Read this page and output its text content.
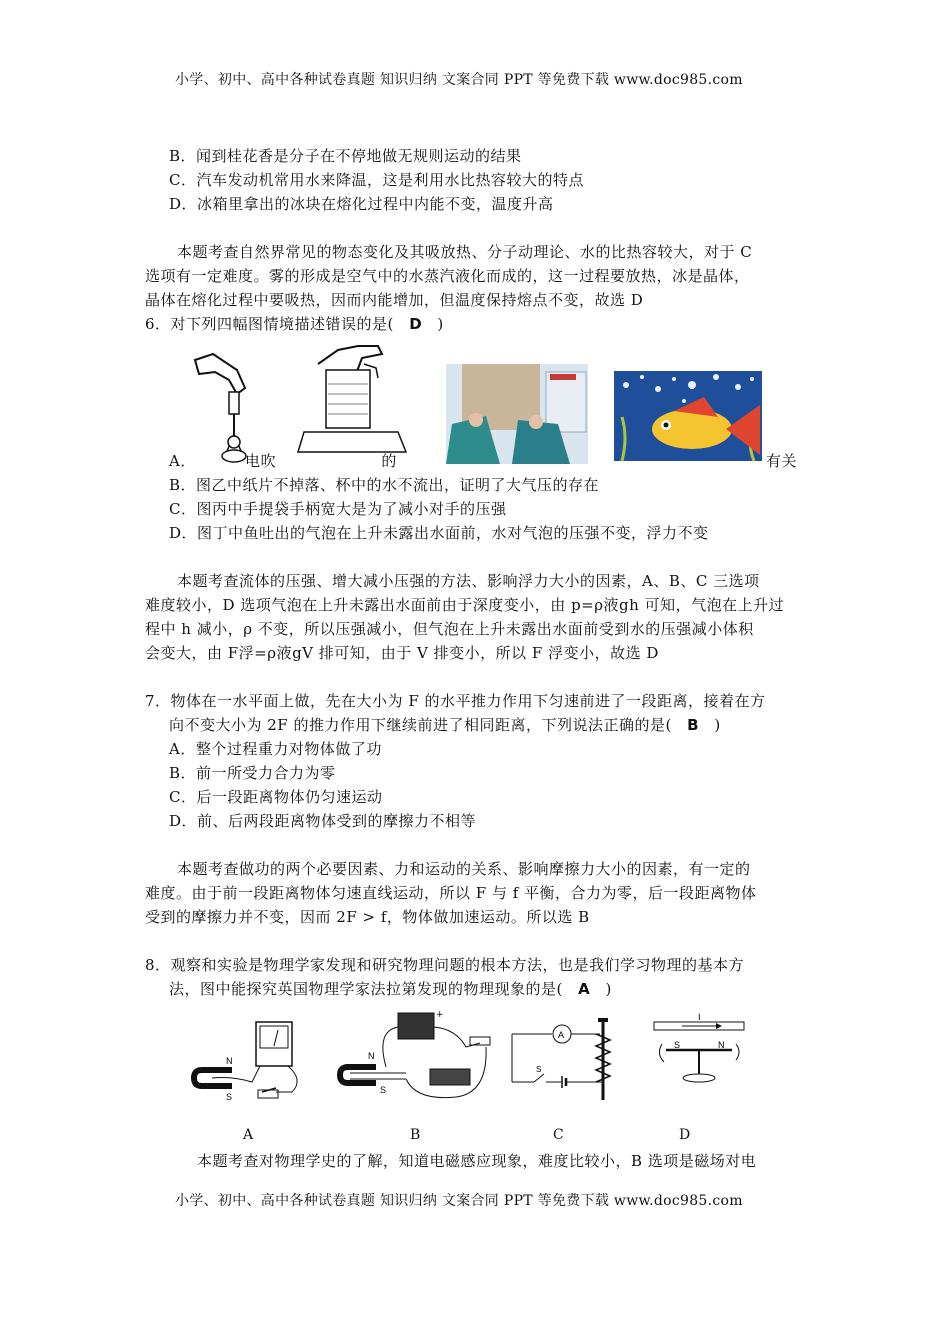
小学、初中、高中各种试卷真题 知识归纳 文案合同 PPT 等免费下载 www.doc985.com
B．闻到桂花香是分子在不停地做无规则运动的结果
C．汽车发动机常用水来降温，这是利用水比热容较大的特点
D．冰箱里拿出的冰块在熔化过程中内能不变，温度升高
本题考查自然界常见的物态变化及其吸放热、分子动理论、水的比热容较大，对于 C
选项有一定难度。雾的形成是空气中的水蒸汽液化而成的，这一过程要放热，冰是晶体，
晶体在熔化过程中要吸热，因而内能增加，但温度保持熔点不变，故选 D
6．对下列四幅图情境描述错误的是( D )
A．	电吹	的	有关
B．图乙中纸片不掉落、杯中的水不流出，证明了大气压的存在
C．图丙中手提袋手柄宽大是为了减小对手的压强
D．图丁中鱼吐出的气泡在上升未露出水面前，水对气泡的压强不变，浮力不变
本题考查流体的压强、增大减小压强的方法、影响浮力大小的因素，A、B、C 三选项
难度较小，D 选项气泡在上升未露出水面前由于深度变小，由 p=ρ液gh 可知，气泡在上升过
程中 h 减小，ρ 不变，所以压强减小，但气泡在上升未露出水面前受到水的压强减小体积
会变大，由 F浮=ρ液gV 排可知，由于 V 排变小，所以 F 浮变小，故选 D
7．物体在一水平面上做，先在大小为 F 的水平推力作用下匀速前进了一段距离，接着在方
向不变大小为 2F 的推力作用下继续前进了相同距离，下列说法正确的是( B )
A．整个过程重力对物体做了功
B．前一所受力合力为零
C．后一段距离物体仍匀速运动
D．前、后两段距离物体受到的摩擦力不相等
本题考查做功的两个必要因素、力和运动的关系、影响摩擦力大小的因素，有一定的
难度。由于前一段距离物体匀速直线运动，所以 F 与 f 平衡，合力为零，后一段距离物体
受到的摩擦力并不变，因而 2F > f，物体做加速运动。所以选 B
8．观察和实验是物理学家发现和研究物理问题的根本方法，也是我们学习物理的基本方
法，图中能探究英国物理学家法拉第发现的物理现象的是( A )
N
S
+
N
S
A
S
I
S	N
A	B	C	D
本题考查对物理学史的了解，知道电磁感应现象，难度比较小，B 选项是磁场对电
小学、初中、高中各种试卷真题 知识归纳 文案合同 PPT 等免费下载 www.doc985.com
